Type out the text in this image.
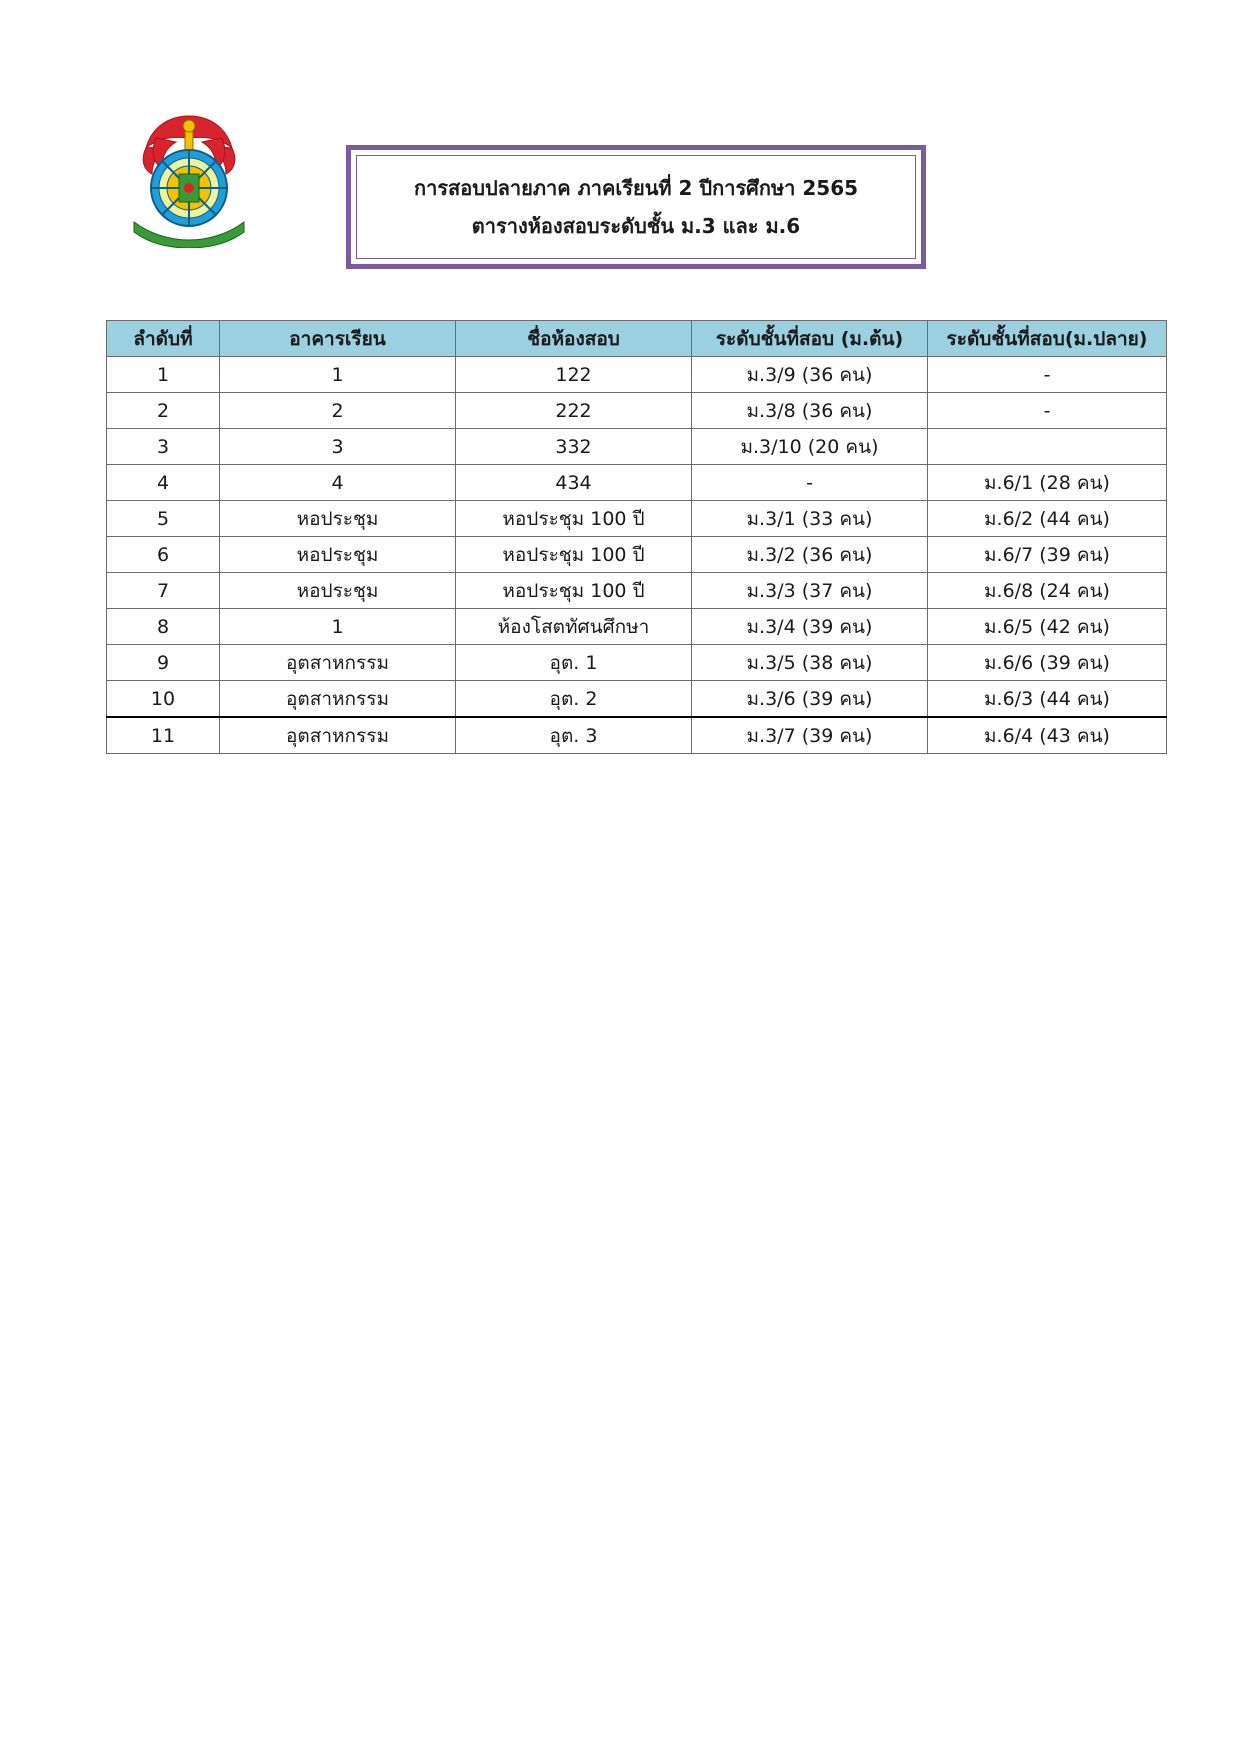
การสอบปลายภาค ภาคเรียนที่ 2 ปีการศึกษา 2565
ตารางห้องสอบระดับชั้น ม.3 และ ม.6
ลำดับที่	อาคารเรียน	ชื่อห้องสอบ	ระดับชั้นที่สอบ (ม.ต้น)	ระดับชั้นที่สอบ(ม.ปลาย)
1	1	122	ม.3/9 (36 คน)	-
2	2	222	ม.3/8 (36 คน)	-
3	3	332	ม.3/10 (20 คน)	
4	4	434	-	ม.6/1 (28 คน)
5	หอประชุม	หอประชุม 100 ปี	ม.3/1 (33 คน)	ม.6/2 (44 คน)
6	หอประชุม	หอประชุม 100 ปี	ม.3/2 (36 คน)	ม.6/7 (39 คน)
7	หอประชุม	หอประชุม 100 ปี	ม.3/3 (37 คน)	ม.6/8 (24 คน)
8	1	ห้องโสตทัศนศึกษา	ม.3/4 (39 คน)	ม.6/5 (42 คน)
9	อุตสาหกรรม	อุต. 1	ม.3/5 (38 คน)	ม.6/6 (39 คน)
10	อุตสาหกรรม	อุต. 2	ม.3/6 (39 คน)	ม.6/3 (44 คน)
11	อุตสาหกรรม	อุต. 3	ม.3/7 (39 คน)	ม.6/4 (43 คน)
